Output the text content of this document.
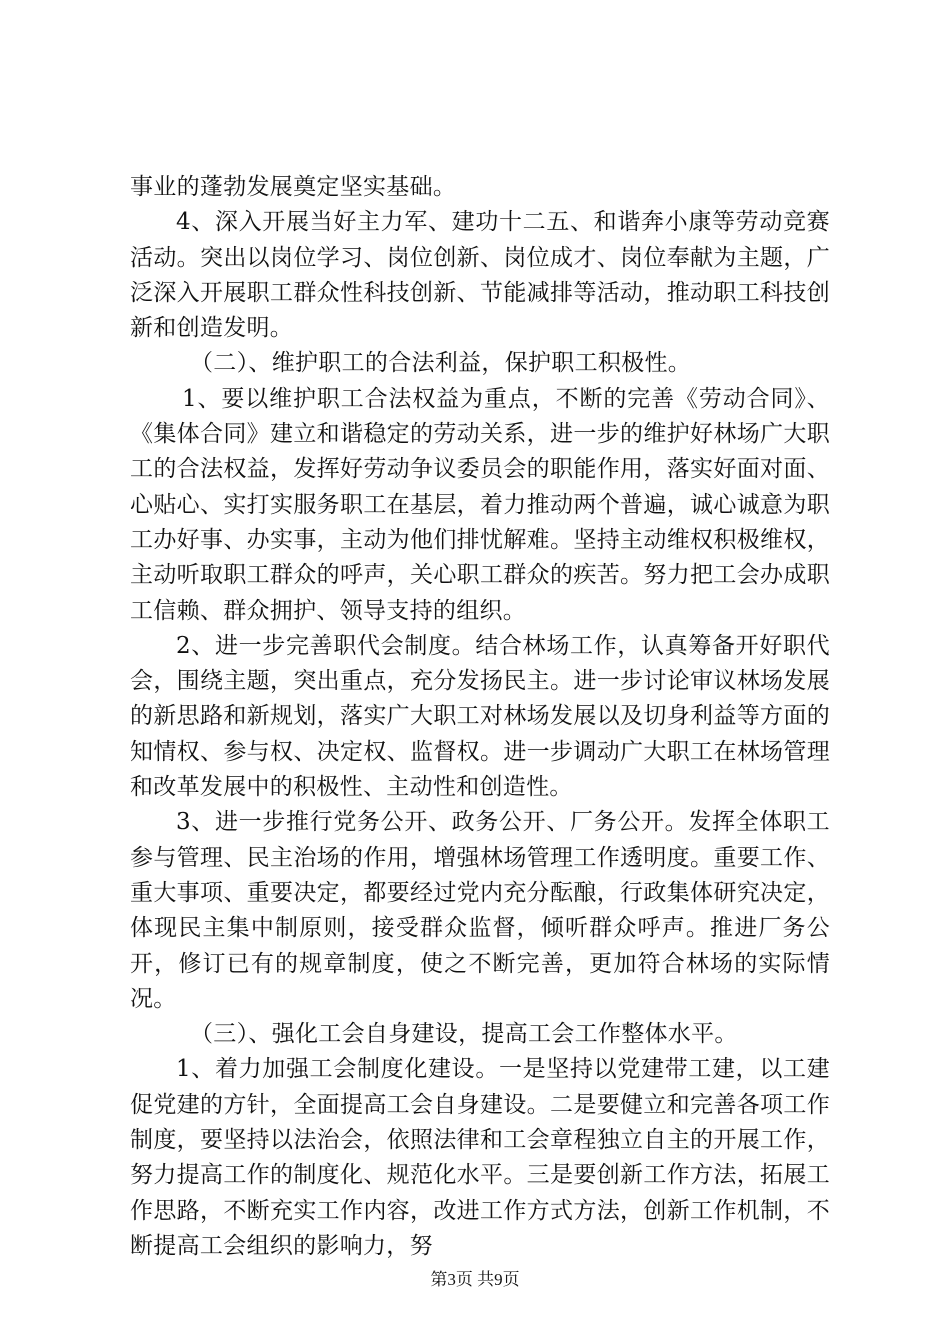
事业的蓬勃发展奠定坚实基础。

4、深入开展当好主力军、建功十二五、和谐奔小康等劳动竞赛活动。突出以岗位学习、岗位创新、岗位成才、岗位奉献为主题，广泛深入开展职工群众性科技创新、节能减排等活动，推动职工科技创新和创造发明。

（二）、维护职工的合法利益，保护职工积极性。

1、要以维护职工合法权益为重点，不断的完善《劳动合同》、《集体合同》建立和谐稳定的劳动关系，进一步的维护好林场广大职工的合法权益，发挥好劳动争议委员会的职能作用，落实好面对面、心贴心、实打实服务职工在基层，着力推动两个普遍，诚心诚意为职工办好事、办实事，主动为他们排忧解难。坚持主动维权积极维权，主动听取职工群众的呼声，关心职工群众的疾苦。努力把工会办成职工信赖、群众拥护、领导支持的组织。

2、进一步完善职代会制度。结合林场工作，认真筹备开好职代会，围绕主题，突出重点，充分发扬民主。进一步讨论审议林场发展的新思路和新规划，落实广大职工对林场发展以及切身利益等方面的知情权、参与权、决定权、监督权。进一步调动广大职工在林场管理和改革发展中的积极性、主动性和创造性。

3、进一步推行党务公开、政务公开、厂务公开。发挥全体职工参与管理、民主治场的作用，增强林场管理工作透明度。重要工作、重大事项、重要决定，都要经过党内充分酝酿，行政集体研究决定，体现民主集中制原则，接受群众监督，倾听群众呼声。推进厂务公开，修订已有的规章制度，使之不断完善，更加符合林场的实际情况。

（三）、强化工会自身建设，提高工会工作整体水平。

1、着力加强工会制度化建设。一是坚持以党建带工建，以工建促党建的方针，全面提高工会自身建设。二是要健立和完善各项工作制度，要坚持以法治会，依照法律和工会章程独立自主的开展工作，努力提高工作的制度化、规范化水平。三是要创新工作方法，拓展工作思路，不断充实工作内容，改进工作方式方法，创新工作机制，不断提高工会组织的影响力，努

第3页 共9页
